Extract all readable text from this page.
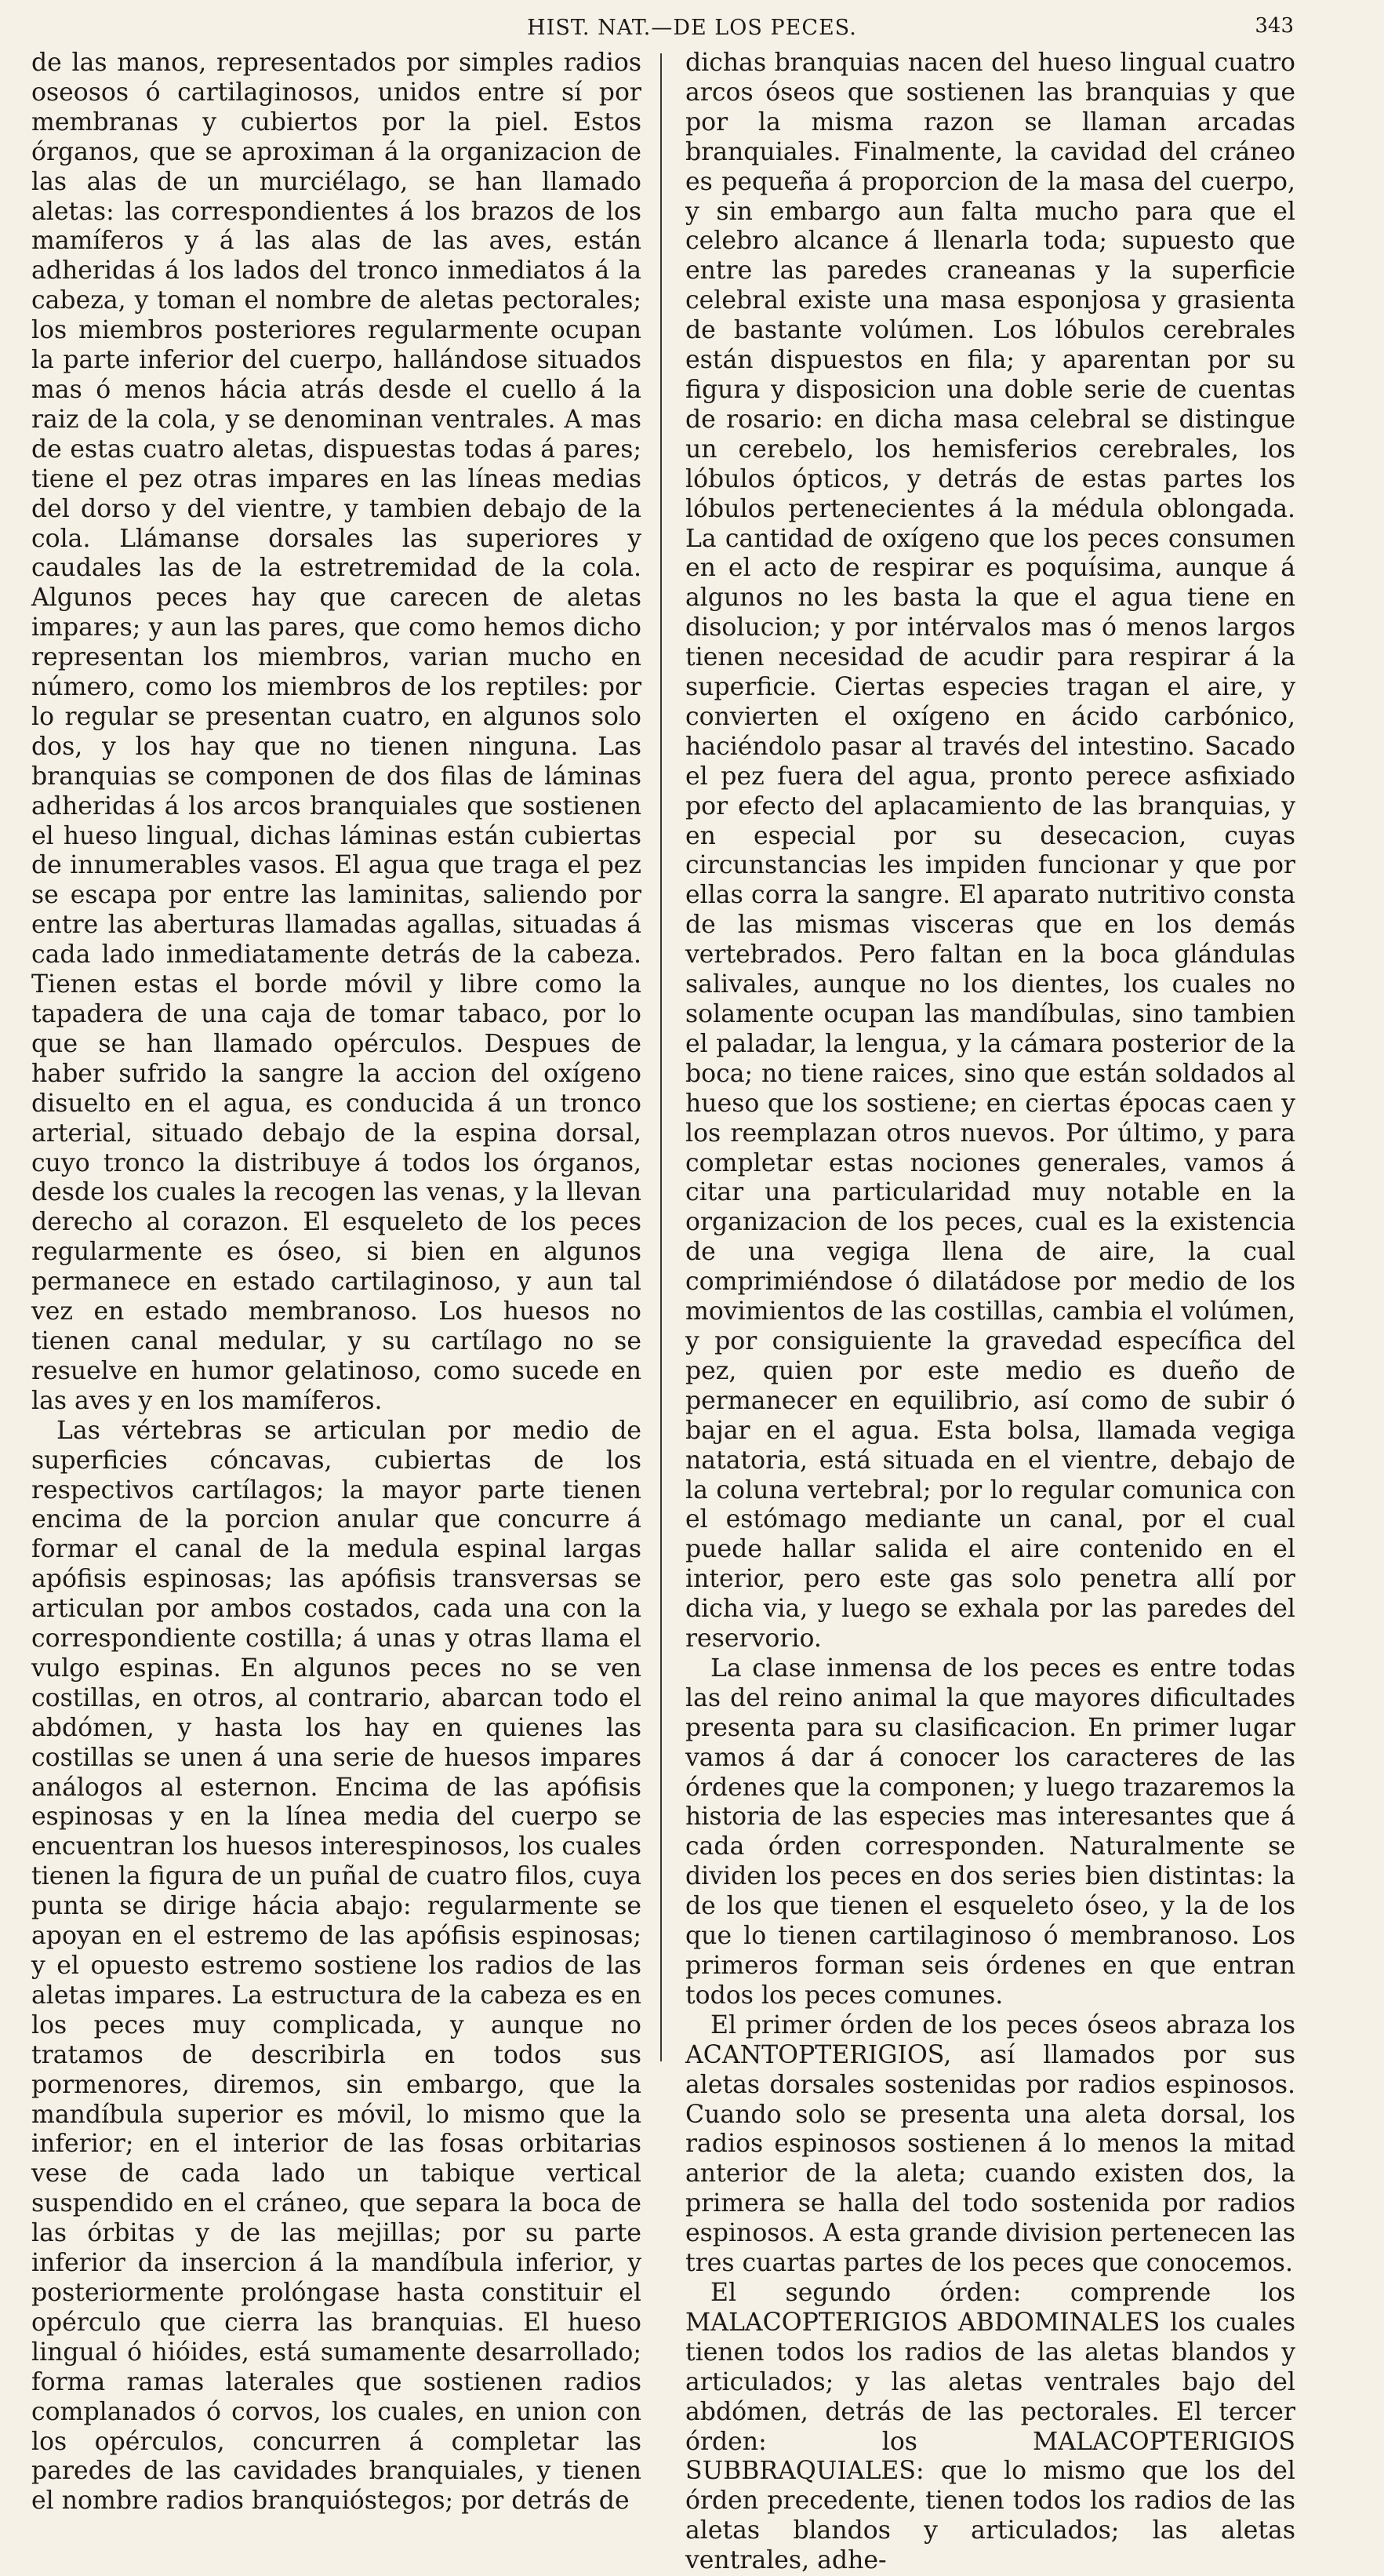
HIST. NAT.—DE LOS PECES.	343

de las manos, representados por simples radios oseosos ó cartilaginosos, unidos entre sí por membranas y cubiertos por la piel. Estos órganos, que se aproximan á la organizacion de las alas de un murciélago, se han llamado aletas: las correspondientes á los brazos de los mamíferos y á las alas de las aves, están adheridas á los lados del tronco inmediatos á la cabeza, y toman el nombre de aletas pectorales; los miembros posteriores regularmente ocupan la parte inferior del cuerpo, hallándose situados mas ó menos hácia atrás desde el cuello á la raiz de la cola, y se denominan ventrales. A mas de estas cuatro aletas, dispuestas todas á pares; tiene el pez otras impares en las líneas medias del dorso y del vientre, y tambien debajo de la cola. Llámanse dorsales las superiores y caudales las de la estretremidad de la cola. Algunos peces hay que carecen de aletas impares; y aun las pares, que como hemos dicho representan los miembros, varian mucho en número, como los miembros de los reptiles: por lo regular se presentan cuatro, en algunos solo dos, y los hay que no tienen ninguna. Las branquias se componen de dos filas de láminas adheridas á los arcos branquiales que sostienen el hueso lingual, dichas láminas están cubiertas de innumerables vasos. El agua que traga el pez se escapa por entre las laminitas, saliendo por entre las aberturas llamadas agallas, situadas á cada lado inmediatamente detrás de la cabeza. Tienen estas el borde móvil y libre como la tapadera de una caja de tomar tabaco, por lo que se han llamado opérculos. Despues de haber sufrido la sangre la accion del oxígeno disuelto en el agua, es conducida á un tronco arterial, situado debajo de la espina dorsal, cuyo tronco la distribuye á todos los órganos, desde los cuales la recogen las venas, y la llevan derecho al corazon. El esqueleto de los peces regularmente es óseo, si bien en algunos permanece en estado cartilaginoso, y aun tal vez en estado membranoso. Los huesos no tienen canal medular, y su cartílago no se resuelve en humor gelatinoso, como sucede en las aves y en los mamíferos.

Las vértebras se articulan por medio de superficies cóncavas, cubiertas de los respectivos cartílagos; la mayor parte tienen encima de la porcion anular que concurre á formar el canal de la medula espinal largas apófisis espinosas; las apófisis transversas se articulan por ambos costados, cada una con la correspondiente costilla; á unas y otras llama el vulgo espinas. En algunos peces no se ven costillas, en otros, al contrario, abarcan todo el abdómen, y hasta los hay en quienes las costillas se unen á una serie de huesos impares análogos al esternon. Encima de las apófisis espinosas y en la línea media del cuerpo se encuentran los huesos interespinosos, los cuales tienen la figura de un puñal de cuatro filos, cuya punta se dirige hácia abajo: regularmente se apoyan en el estremo de las apófisis espinosas; y el opuesto estremo sostiene los radios de las aletas impares. La estructura de la cabeza es en los peces muy complicada, y aunque no tratamos de describirla en todos sus pormenores, diremos, sin embargo, que la mandíbula superior es móvil, lo mismo que la inferior; en el interior de las fosas orbitarias vese de cada lado un tabique vertical suspendido en el cráneo, que separa la boca de las órbitas y de las mejillas; por su parte inferior da insercion á la mandíbula inferior, y posteriormente prolóngase hasta constituir el opérculo que cierra las branquias. El hueso lingual ó hióides, está sumamente desarrollado; forma ramas laterales que sostienen radios complanados ó corvos, los cuales, en union con los opérculos, concurren á completar las paredes de las cavidades branquiales, y tienen el nombre radios branquióstegos; por detrás de

dichas branquias nacen del hueso lingual cuatro arcos óseos que sostienen las branquias y que por la misma razon se llaman arcadas branquiales. Finalmente, la cavidad del cráneo es pequeña á proporcion de la masa del cuerpo, y sin embargo aun falta mucho para que el celebro alcance á llenarla toda; supuesto que entre las paredes craneanas y la superficie celebral existe una masa esponjosa y grasienta de bastante volúmen. Los lóbulos cerebrales están dispuestos en fila; y aparentan por su figura y disposicion una doble serie de cuentas de rosario: en dicha masa celebral se distingue un cerebelo, los hemisferios cerebrales, los lóbulos ópticos, y detrás de estas partes los lóbulos pertenecientes á la médula oblongada. La cantidad de oxígeno que los peces consumen en el acto de respirar es poquísima, aunque á algunos no les basta la que el agua tiene en disolucion; y por intérvalos mas ó menos largos tienen necesidad de acudir para respirar á la superficie. Ciertas especies tragan el aire, y convierten el oxígeno en ácido carbónico, haciéndolo pasar al través del intestino. Sacado el pez fuera del agua, pronto perece asfixiado por efecto del aplacamiento de las branquias, y en especial por su desecacion, cuyas circunstancias les impiden funcionar y que por ellas corra la sangre. El aparato nutritivo consta de las mismas visceras que en los demás vertebrados. Pero faltan en la boca glándulas salivales, aunque no los dientes, los cuales no solamente ocupan las mandíbulas, sino tambien el paladar, la lengua, y la cámara posterior de la boca; no tiene raices, sino que están soldados al hueso que los sostiene; en ciertas épocas caen y los reemplazan otros nuevos. Por último, y para completar estas nociones generales, vamos á citar una particularidad muy notable en la organizacion de los peces, cual es la existencia de una vegiga llena de aire, la cual comprimiéndose ó dilatádose por medio de los movimientos de las costillas, cambia el volúmen, y por consiguiente la gravedad específica del pez, quien por este medio es dueño de permanecer en equilibrio, así como de subir ó bajar en el agua. Esta bolsa, llamada vegiga natatoria, está situada en el vientre, debajo de la coluna vertebral; por lo regular comunica con el estómago mediante un canal, por el cual puede hallar salida el aire contenido en el interior, pero este gas solo penetra allí por dicha via, y luego se exhala por las paredes del reservorio.

La clase inmensa de los peces es entre todas las del reino animal la que mayores dificultades presenta para su clasificacion. En primer lugar vamos á dar á conocer los caracteres de las órdenes que la componen; y luego trazaremos la historia de las especies mas interesantes que á cada órden corresponden. Naturalmente se dividen los peces en dos series bien distintas: la de los que tienen el esqueleto óseo, y la de los que lo tienen cartilaginoso ó membranoso. Los primeros forman seis órdenes en que entran todos los peces comunes.

El primer órden de los peces óseos abraza los ACANTOPTERIGIOS, así llamados por sus aletas dorsales sostenidas por radios espinosos. Cuando solo se presenta una aleta dorsal, los radios espinosos sostienen á lo menos la mitad anterior de la aleta; cuando existen dos, la primera se halla del todo sostenida por radios espinosos. A esta grande division pertenecen las tres cuartas partes de los peces que conocemos.

El segundo órden: comprende los MALACOPTERIGIOS ABDOMINALES los cuales tienen todos los radios de las aletas blandos y articulados; y las aletas ventrales bajo del abdómen, detrás de las pectorales. El tercer órden: los MALACOPTERIGIOS SUBBRAQUIALES: que lo mismo que los del órden precedente, tienen todos los radios de las aletas blandos y articulados; las aletas ventrales, adhe-
